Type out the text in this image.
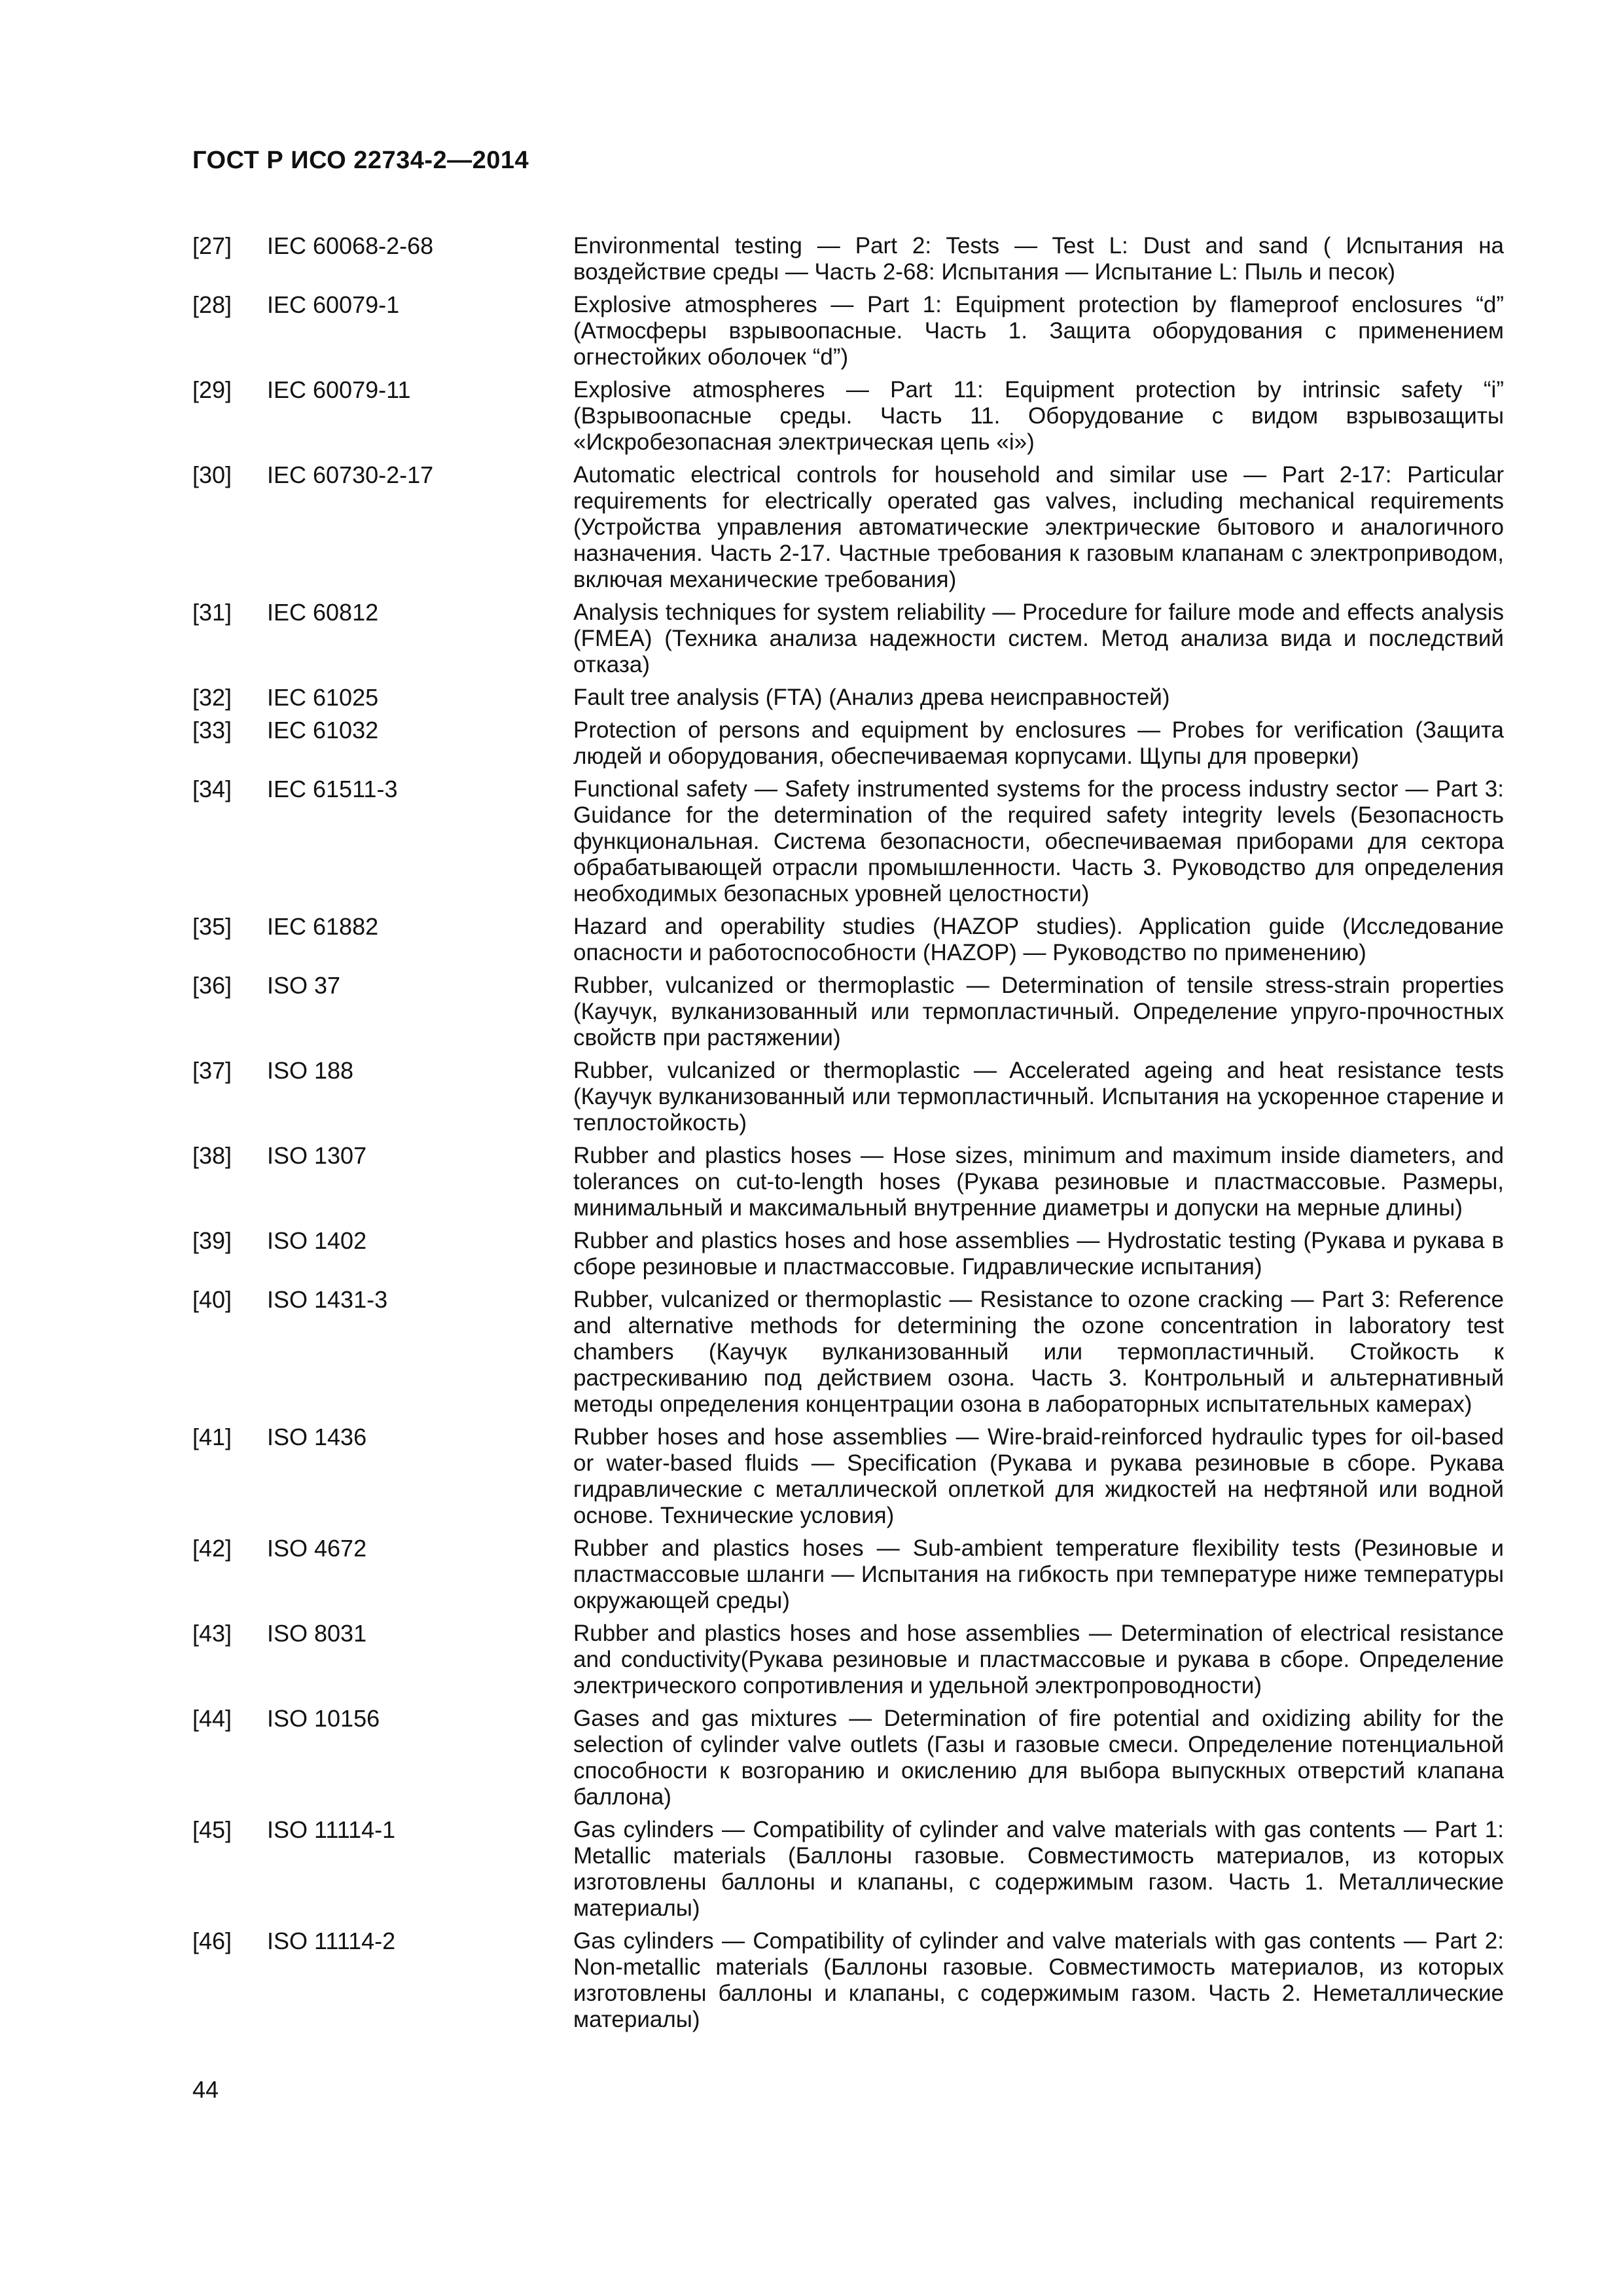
ГОСТ Р ИСО 22734-2—2014
[27]	IEC 60068-2-68	Environmental testing — Part 2: Tests — Test L: Dust and sand ( Испытания на воздействие среды — Часть 2-68: Испытания — Испытание L: Пыль и песок)
[28]	IEC 60079-1	Explosive atmospheres — Part 1: Equipment protection by flameproof enclosures “d” (Атмосферы взрывоопасные. Часть 1. Защита оборудования с применением огнестойких оболочек “d”)
[29]	IEC 60079-11	Explosive atmospheres — Part 11: Equipment protection by intrinsic safety “i” (Взрывоопасные среды. Часть 11. Оборудование с видом взрывозащиты «Искробезопасная электрическая цепь «i»)
[30]	IEC 60730-2-17	Automatic electrical controls for household and similar use — Part 2-17: Particular requirements for electrically operated gas valves, including mechanical requirements (Устройства управления автоматические электрические бытового и аналогичного назначения. Часть 2-17. Частные требования к газовым клапанам с электроприводом, включая механические требования)
[31]	IEC 60812	Analysis techniques for system reliability — Procedure for failure mode and effects analysis (FMEA) (Техника анализа надежности систем. Метод анализа вида и последствий отказа)
[32]	IEC 61025	Fault tree analysis (FTA) (Анализ древа неисправностей)
[33]	IEC 61032	Protection of persons and equipment by enclosures — Probes for verification (Защита людей и оборудования, обеспечиваемая корпусами. Щупы для проверки)
[34]	IEC 61511-3	Functional safety — Safety instrumented systems for the process industry sector — Part 3: Guidance for the determination of the required safety integrity levels (Безопасность функциональная. Система безопасности, обеспечиваемая приборами для сектора обрабатывающей отрасли промышленности. Часть 3. Руководство для определения необходимых безопасных уровней целостности)
[35]	IEC 61882	Hazard and operability studies (HAZOP studies). Application guide (Исследование опасности и работоспособности (HAZOP) — Руководство по применению)
[36]	ISO 37	Rubber, vulcanized or thermoplastic — Determination of tensile stress-strain properties (Каучук, вулканизованный или термопластичный. Определение упруго-прочностных свойств при растяжении)
[37]	ISO 188	Rubber, vulcanized or thermoplastic — Accelerated ageing and heat resistance tests (Каучук вулканизованный или термопластичный. Испытания на ускоренное старение и теплостойкость)
[38]	ISO 1307	Rubber and plastics hoses — Hose sizes, minimum and maximum inside diameters, and tolerances on cut-to-length hoses (Рукава резиновые и пластмассовые. Размеры, минимальный и максимальный внутренние диаметры и допуски на мерные длины)
[39]	ISO 1402	Rubber and plastics hoses and hose assemblies — Hydrostatic testing (Рукава и рукава в сборе резиновые и пластмассовые. Гидравлические испытания)
[40]	ISO 1431-3	Rubber, vulcanized or thermoplastic — Resistance to ozone cracking — Part 3: Reference and alternative methods for determining the ozone concentration in laboratory test chambers (Каучук вулканизованный или термопластичный. Стойкость к растрескиванию под действием озона. Часть 3. Контрольный и альтернативный методы определения концентрации озона в лабораторных испытательных камерах)
[41]	ISO 1436	Rubber hoses and hose assemblies — Wire-braid-reinforced hydraulic types for oil-based or water-based fluids — Specification (Рукава и рукава резиновые в сборе. Рукава гидравлические с металлической оплеткой для жидкостей на нефтяной или водной основе. Технические условия)
[42]	ISO 4672	Rubber and plastics hoses — Sub-ambient temperature flexibility tests (Резиновые и пластмассовые шланги — Испытания на гибкость при температуре ниже температуры окружающей среды)
[43]	ISO 8031	Rubber and plastics hoses and hose assemblies — Determination of electrical resistance and conductivity(Рукава резиновые и пластмассовые и рукава в сборе. Определение электрического сопротивления и удельной электропроводности)
[44]	ISO 10156	Gases and gas mixtures — Determination of fire potential and oxidizing ability for the selection of cylinder valve outlets (Газы и газовые смеси. Определение потенциальной способности к возгоранию и окислению для выбора выпускных отверстий клапана баллона)
[45]	ISO 11114-1	Gas cylinders — Compatibility of cylinder and valve materials with gas contents — Part 1: Metallic materials (Баллоны газовые. Совместимость материалов, из которых изготовлены баллоны и клапаны, с содержимым газом. Часть 1. Металлические материалы)
[46]	ISO 11114-2	Gas cylinders — Compatibility of cylinder and valve materials with gas contents — Part 2: Non-metallic materials (Баллоны газовые. Совместимость материалов, из которых изготовлены баллоны и клапаны, с содержимым газом. Часть 2. Неметаллические материалы)
44
